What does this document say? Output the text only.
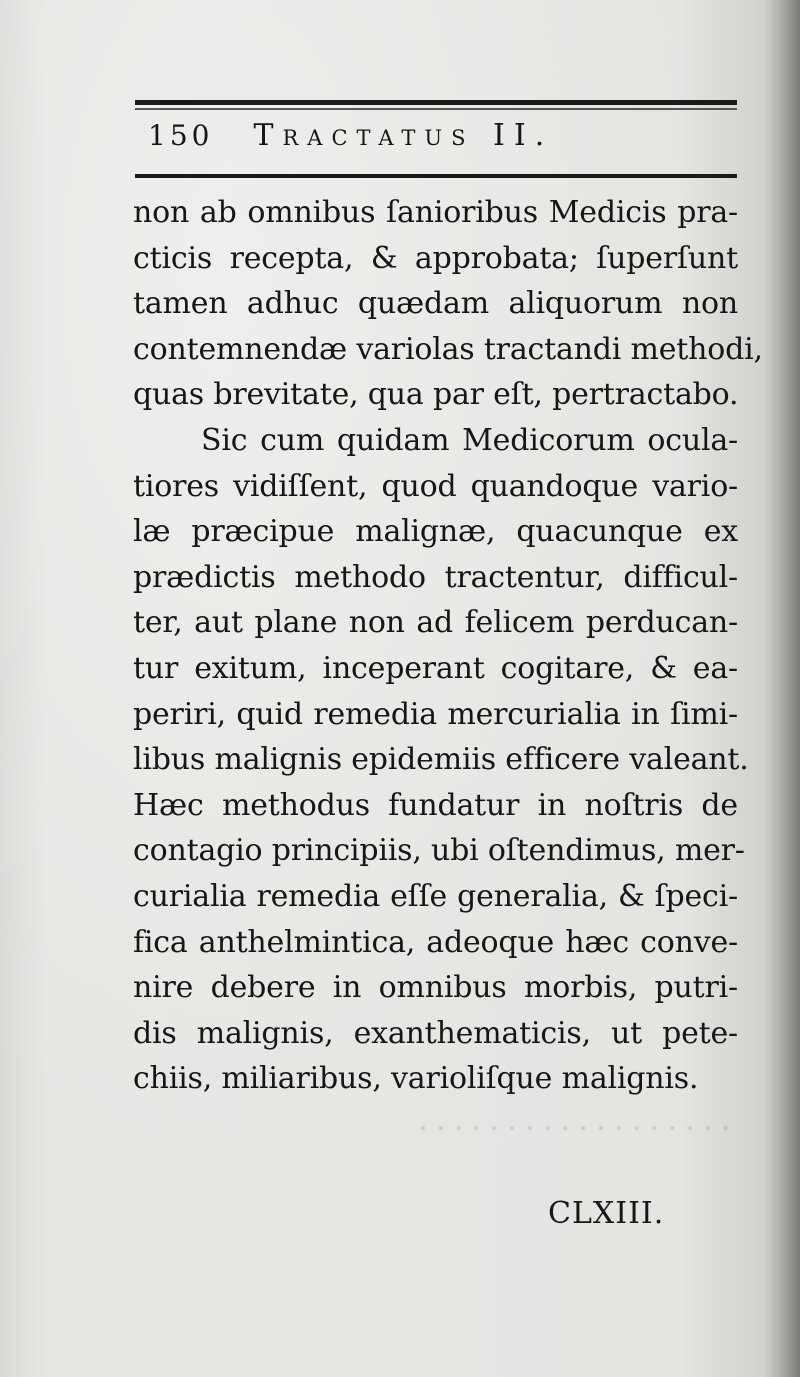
150 Tractatus II.
non ab omnibus ſanioribus Medicis pra-
cticis recepta, & approbata; ſuperſunt
tamen adhuc quædam aliquorum non
contemnendæ variolas tractandi methodi,
quas brevitate, qua par eſt, pertractabo.
Sic cum quidam Medicorum ocula-
tiores vidiſſent, quod quandoque vario-
læ præcipue malignæ, quacunque ex
prædictis methodo tractentur, difficul-
ter, aut plane non ad felicem perducan-
tur exitum, inceperant cogitare, & ea-
periri, quid remedia mercurialia in ſimi-
libus malignis epidemiis efficere valeant.
Hæc methodus fundatur in noſtris de
contagio principiis, ubi oſtendimus, mer-
curialia remedia eſſe generalia, & ſpeci-
fica anthelmintica, adeoque hæc conve-
nire debere in omnibus morbis, putri-
dis malignis, exanthematicis, ut pete-
chiis, miliaribus, varioliſque malignis.
· · · · · · · · · · · · · · · · · ·
CLXIII.
